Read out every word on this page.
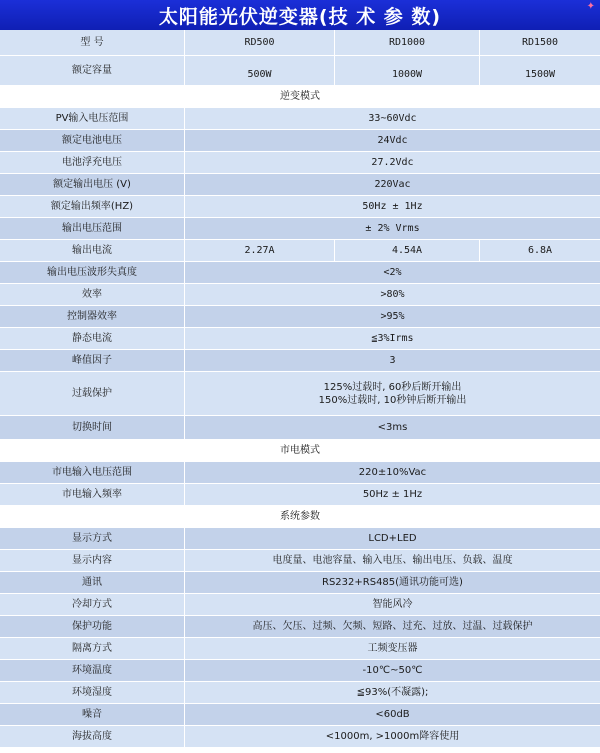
太阳能光伏逆变器(技 术 参 数)	✦
型 号	RD500	RD1000	RD1500
额定容量	500W	1000W	1500W
逆变模式			
PV输入电压范围	33~60Vdc		
额定电池电压	24Vdc		
电池浮充电压	27.2Vdc		
额定输出电压 (V)	220Vac		
额定输出频率(HZ)	50Hz ± 1Hz		
输出电压范围	± 2% Vrms		
输出电流	2.27A	4.54A	6.8A
输出电压波形失真度	<2%		
效率	>80%		
控制器效率	>95%		
静态电流	≦3%Irms		
峰值因子	3		
过载保护	125%过载时, 60秒后断开输出
150%过载时, 10秒钟后断开输出		

切换时间	<3ms		
市电模式			
市电输入电压范围	220±10%Vac		
市电输入频率	50Hz ± 1Hz		
系统参数			
显示方式	LCD+LED		
显示内容	电度量、电池容量、输入电压、输出电压、负载、温度		
通讯	RS232+RS485(通讯功能可选)		
冷却方式	智能风冷		
保护功能	高压、欠压、过频、欠频、短路、过充、过放、过温、过载保护		
隔离方式	工频变压器		
环境温度	-10℃~50℃		
环境湿度	≦93%(不凝露);		
噪音	<60dB		
海拔高度	<1000m, >1000m降容使用		
